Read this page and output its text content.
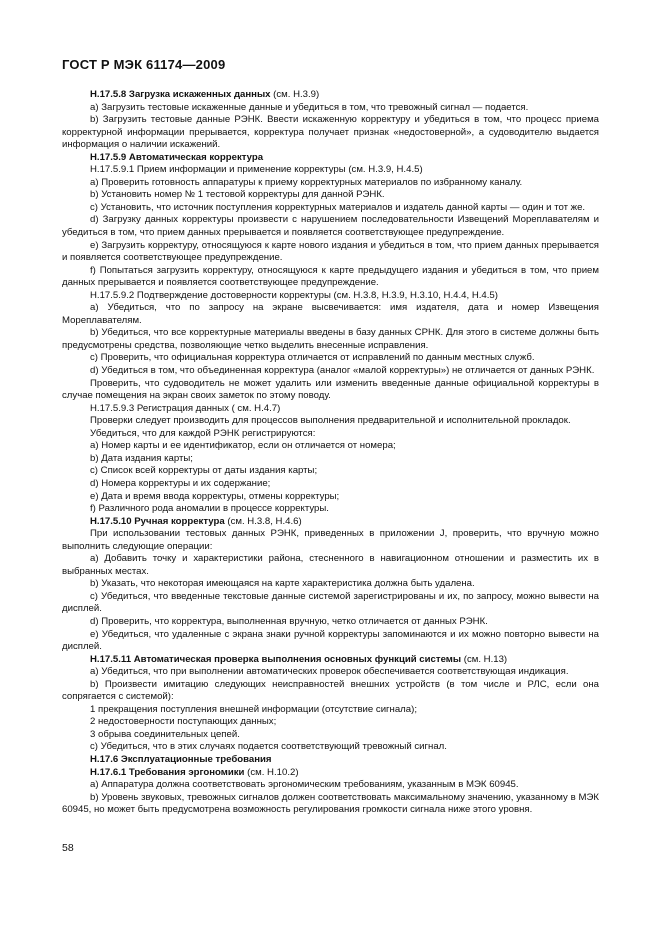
ГОСТ Р МЭК 61174—2009

Н.17.5.8 Загрузка искаженных данных (см. Н.3.9)

a) Загрузить тестовые искаженные данные и убедиться в том, что тревожный сигнал — подается.

b) Загрузить тестовые данные РЭНК. Ввести искаженную корректуру и убедиться в том, что процесс приема корректурной информации прерывается, корректура получает признак «недостоверной», а судоводителю выдается информация о наличии искажений.

Н.17.5.9 Автоматическая корректура

Н.17.5.9.1 Прием информации и применение корректуры (см. Н.3.9, Н.4.5)

a) Проверить готовность аппаратуры к приему корректурных материалов по избранному каналу.

b) Установить номер № 1 тестовой корректуры для данной РЭНК.

c) Установить, что источник поступления корректурных материалов и издатель данной карты — один и тот же.

d) Загрузку данных корректуры произвести с нарушением последовательности Извещений Мореплавателям и убедиться в том, что прием данных прерывается и появляется соответствующее предупреждение.

e) Загрузить корректуру, относящуюся к карте нового издания и убедиться в том, что прием данных прерывается и появляется соответствующее предупреждение.

f) Попытаться загрузить корректуру, относящуюся к карте предыдущего издания и убедиться в том, что прием данных прерывается и появляется соответствующее предупреждение.

Н.17.5.9.2 Подтверждение достоверности корректуры (см. Н.3.8, Н.3.9, Н.3.10, Н.4.4, Н.4.5)

a) Убедиться, что по запросу на экране высвечивается: имя издателя, дата и номер Извещения Мореплавателям.

b) Убедиться, что все корректурные материалы введены в базу данных СРНК. Для этого в системе должны быть предусмотрены средства, позволяющие четко выделить внесенные исправления.

c) Проверить, что официальная корректура отличается от исправлений по данным местных служб.

d) Убедиться в том, что объединенная корректура (аналог «малой корректуры») не отличается от данных РЭНК.

Проверить, что судоводитель не может удалить или изменить введенные данные официальной корректуры в случае помещения на экран своих заметок по этому поводу.

Н.17.5.9.3 Регистрация данных ( см. Н.4.7)

Проверки следует производить для процессов выполнения предварительной и исполнительной прокладок.

Убедиться, что для каждой РЭНК регистрируются:

a) Номер карты и ее идентификатор, если он отличается от номера;

b) Дата издания карты;

c) Список всей корректуры от даты издания карты;

d) Номера корректуры и их содержание;

e) Дата и время ввода корректуры, отмены корректуры;

f) Различного рода аномалии в процессе корректуры.

Н.17.5.10 Ручная корректура (см. Н.3.8, Н.4.6)

При использовании тестовых данных РЭНК, приведенных в приложении J, проверить, что вручную можно выполнить следующие операции:

a) Добавить точку и характеристики района, стесненного в навигационном отношении и разместить их в выбранных местах.

b) Указать, что некоторая имеющаяся на карте характеристика должна быть удалена.

c) Убедиться, что введенные текстовые данные системой зарегистрированы и их, по запросу, можно вывести на дисплей.

d) Проверить, что корректура, выполненная вручную, четко отличается от данных РЭНК.

e) Убедиться, что удаленные с экрана знаки ручной корректуры запоминаются и их можно повторно вывести на дисплей.

Н.17.5.11 Автоматическая проверка выполнения основных функций системы (см. Н.13)

a) Убедиться, что при выполнении автоматических проверок обеспечивается соответствующая индикация.

b) Произвести имитацию следующих неисправностей внешних устройств (в том числе и РЛС, если она сопрягается с системой):

1 прекращения поступления внешней информации (отсутствие сигнала);

2 недостоверности поступающих данных;

3 обрыва соединительных цепей.

c) Убедиться, что в этих случаях подается соответствующий тревожный сигнал.

Н.17.6 Эксплуатационные требования

Н.17.6.1 Требования эргономики (см. Н.10.2)

a) Аппаратура должна соответствовать эргономическим требованиям, указанным в МЭК 60945.

b) Уровень звуковых, тревожных сигналов должен соответствовать максимальному значению, указанному в МЭК 60945, но может быть предусмотрена возможность регулирования громкости сигнала ниже этого уровня.

58
